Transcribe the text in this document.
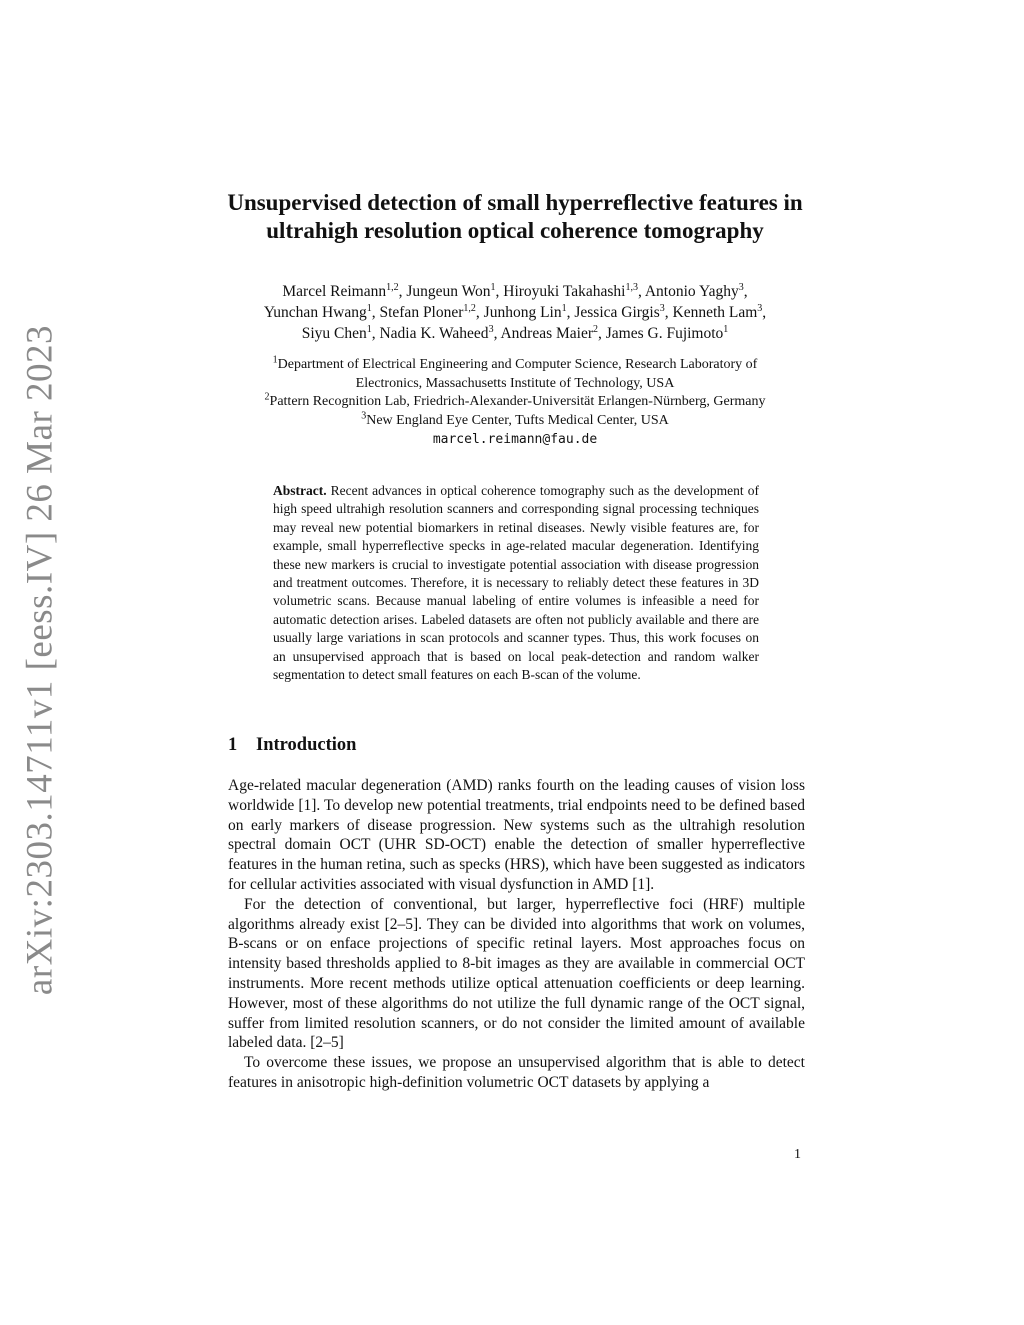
arXiv:2303.14711v1 [eess.IV] 26 Mar 2023
Unsupervised detection of small hyperreflective features in
ultrahigh resolution optical coherence tomography
Marcel Reimann$^{1,2}$, Jungeun Won$^1$, Hiroyuki Takahashi$^{1,3}$, Antonio Yaghy$^3$,
Yunchan Hwang$^1$, Stefan Ploner$^{1,2}$, Junhong Lin$^1$, Jessica Girgis$^3$, Kenneth Lam$^3$,
Siyu Chen$^1$, Nadia K. Waheed$^3$, Andreas Maier$^2$, James G. Fujimoto$^1$
$^1$Department of Electrical Engineering and Computer Science, Research Laboratory of
Electronics, Massachusetts Institute of Technology, USA
$^2$Pattern Recognition Lab, Friedrich-Alexander-Universität Erlangen-Nürnberg, Germany
$^3$New England Eye Center, Tufts Medical Center, USA
marcel.reimann@fau.de
Abstract. Recent advances in optical coherence tomography such as the development of high speed ultrahigh resolution scanners and corresponding signal processing techniques may reveal new potential biomarkers in retinal diseases. Newly visible features are, for example, small hyperreflective specks in age-related macular degeneration. Identifying these new markers is crucial to investigate potential association with disease progression and treatment outcomes. Therefore, it is necessary to reliably detect these features in 3D volumetric scans. Because manual labeling of entire volumes is infeasible a need for automatic detection arises. Labeled datasets are often not publicly available and there are usually large variations in scan protocols and scanner types. Thus, this work focuses on an unsupervised approach that is based on local peak-detection and random walker segmentation to detect small features on each B-scan of the volume.
1 Introduction

Age-related macular degeneration (AMD) ranks fourth on the leading causes of vision loss worldwide [1]. To develop new potential treatments, trial endpoints need to be defined based on early markers of disease progression. New systems such as the ultrahigh resolution spectral domain OCT (UHR SD-OCT) enable the detection of smaller hyperreflective features in the human retina, such as specks (HRS), which have been suggested as indicators for cellular activities associated with visual dysfunction in AMD [1].

For the detection of conventional, but larger, hyperreflective foci (HRF) multiple algorithms already exist [2–5]. They can be divided into algorithms that work on volumes, B-scans or on enface projections of specific retinal layers. Most approaches focus on intensity based thresholds applied to 8-bit images as they are available in commercial OCT instruments. More recent methods utilize optical attenuation coefficients or deep learning. However, most of these algorithms do not utilize the full dynamic range of the OCT signal, suffer from limited resolution scanners, or do not consider the limited amount of available labeled data. [2–5]

To overcome these issues, we propose an unsupervised algorithm that is able to detect features in anisotropic high-definition volumetric OCT datasets by applying a

1
